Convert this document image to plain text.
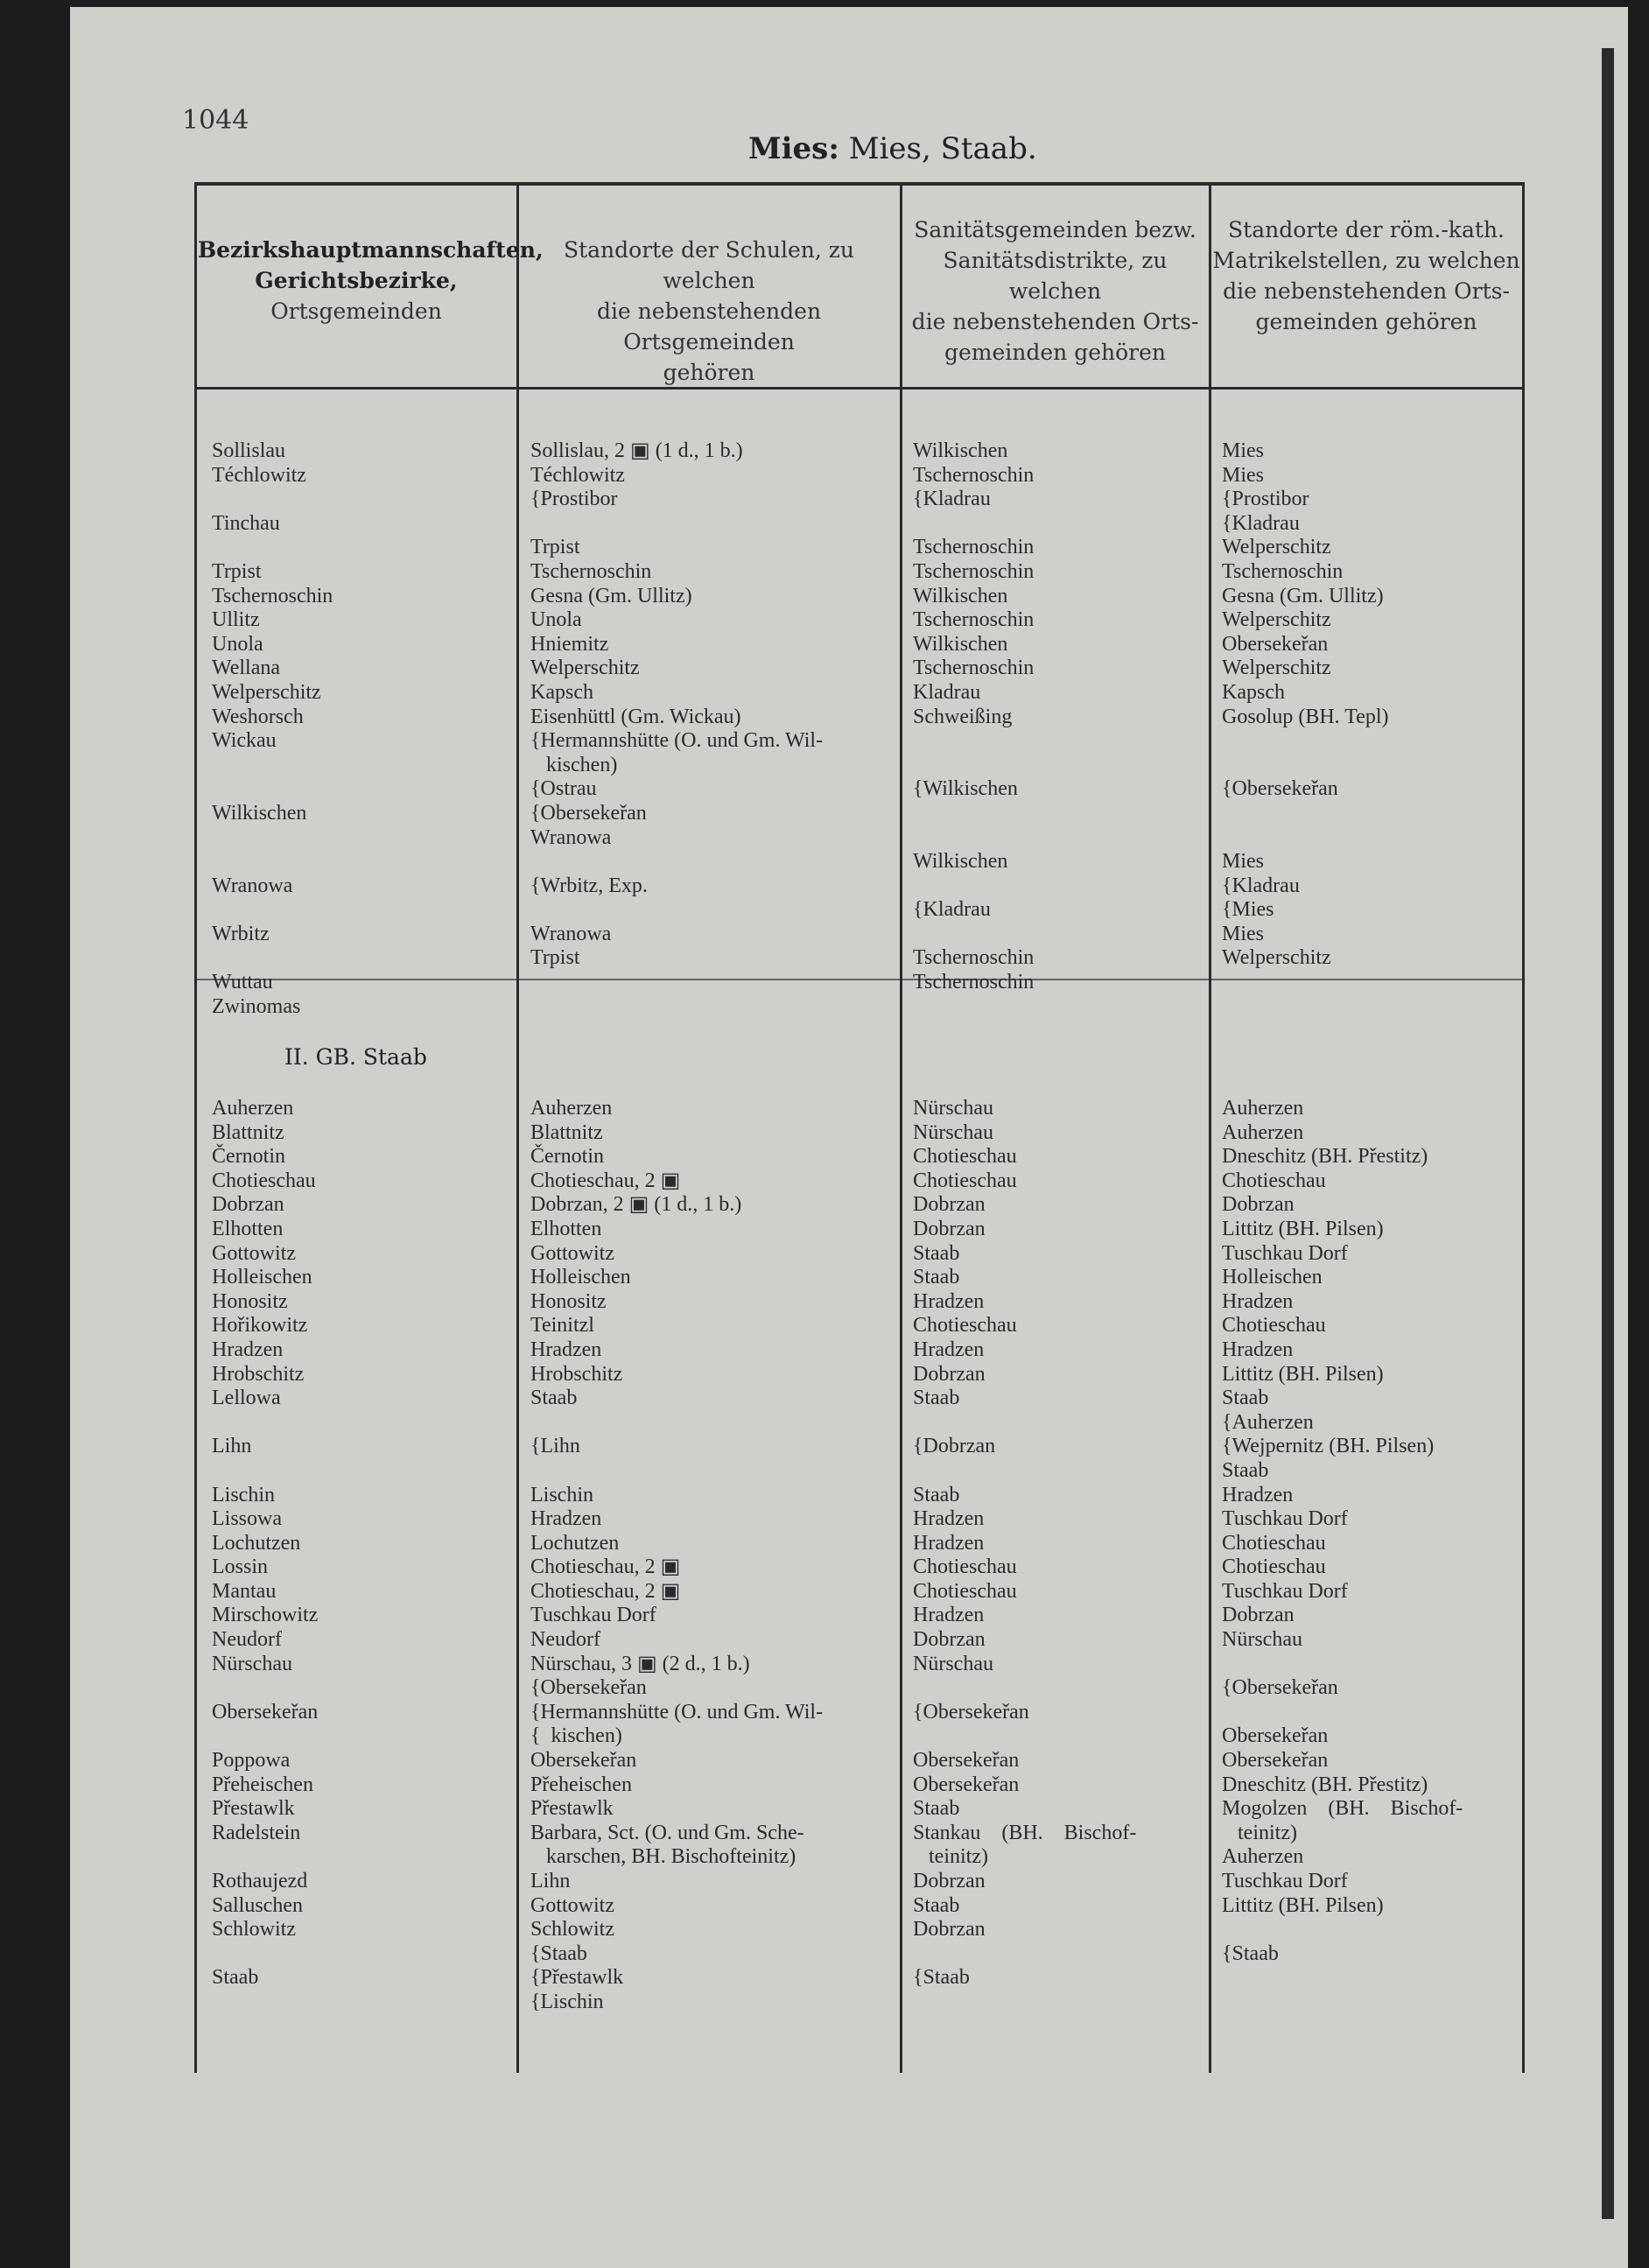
1044
Mies: Mies, Staab.
Bezirkshauptmannschaften,
Gerichtsbezirke,
Ortsgemeinden
Standorte der Schulen, zu welchen
die nebenstehenden Ortsgemeinden
gehören
Sanitätsgemeinden bezw.
Sanitätsdistrikte, zu welchen
die nebenstehenden Orts-
gemeinden gehören
Standorte der röm.-kath.
Matrikelstellen, zu welchen
die nebenstehenden Orts-
gemeinden gehören
Sollislau
Téchlowitz
Tinchau
Trpist
Tschernoschin
Ullitz
Unola
Wellana
Welperschitz
Weshorsch
Wickau
Wilkischen
Wranowa
Wrbitz
Wuttau
Zwinomas
Sollislau, 2 ▣ (1 d., 1 b.)
Téchlowitz
{Prostibor
Trpist
Tschernoschin
Gesna (Gm. Ullitz)
Unola
Hniemitz
Welperschitz
Kapsch
Eisenhüttl (Gm. Wickau)
{Hermannshütte (O. und Gm. Wil-
kischen)
{Ostrau
{Obersekeřan
Wranowa
{Wrbitz, Exp.
Wranowa
Trpist
Wilkischen
Tschernoschin
{Kladrau
Tschernoschin
Tschernoschin
Wilkischen
Tschernoschin
Wilkischen
Tschernoschin
Kladrau
Schweißing
{Wilkischen
Wilkischen
{Kladrau
Tschernoschin
Tschernoschin
Mies
Mies
{Prostibor
{Kladrau
Welperschitz
Tschernoschin
Gesna (Gm. Ullitz)
Welperschitz
Obersekeřan
Welperschitz
Kapsch
Gosolup (BH. Tepl)
{Obersekeřan
Mies
{Kladrau
{Mies
Mies
Welperschitz
II. GB. Staab
Auherzen
Blattnitz
Černotin
Chotieschau
Dobrzan
Elhotten
Gottowitz
Holleischen
Honositz
Hořikowitz
Hradzen
Hrobschitz
Lellowa
Lihn
Lischin
Lissowa
Lochutzen
Lossin
Mantau
Mirschowitz
Neudorf
Nürschau
Obersekeřan
Poppowa
Přeheischen
Přestawlk
Radelstein
Rothaujezd
Salluschen
Schlowitz
Staab
Auherzen
Blattnitz
Černotin
Chotieschau, 2 ▣
Dobrzan, 2 ▣ (1 d., 1 b.)
Elhotten
Gottowitz
Holleischen
Honositz
Teinitzl
Hradzen
Hrobschitz
Staab
{Lihn
Lischin
Hradzen
Lochutzen
Chotieschau, 2 ▣
Chotieschau, 2 ▣
Tuschkau Dorf
Neudorf
Nürschau, 3 ▣ (2 d., 1 b.)
{Obersekeřan
{Hermannshütte (O. und Gm. Wil-
{  kischen)
Obersekeřan
Přeheischen
Přestawlk
Barbara, Sct. (O. und Gm. Sche-
karschen, BH. Bischofteinitz)
Lihn
Gottowitz
Schlowitz
{Staab
{Přestawlk
{Lischin
Nürschau
Nürschau
Chotieschau
Chotieschau
Dobrzan
Dobrzan
Staab
Staab
Hradzen
Chotieschau
Hradzen
Dobrzan
Staab
{Dobrzan
Staab
Hradzen
Hradzen
Chotieschau
Chotieschau
Hradzen
Dobrzan
Nürschau
{Obersekeřan
Obersekeřan
Obersekeřan
Staab
Stankau    (BH.    Bischof-
teinitz)
Dobrzan
Staab
Dobrzan
{Staab
Auherzen
Auherzen
Dneschitz (BH. Přestitz)
Chotieschau
Dobrzan
Littitz (BH. Pilsen)
Tuschkau Dorf
Holleischen
Hradzen
Chotieschau
Hradzen
Littitz (BH. Pilsen)
Staab
{Auherzen
{Wejpernitz (BH. Pilsen)
Staab
Hradzen
Tuschkau Dorf
Chotieschau
Chotieschau
Tuschkau Dorf
Dobrzan
Nürschau
{Obersekeřan
Obersekeřan
Obersekeřan
Dneschitz (BH. Přestitz)
Mogolzen    (BH.    Bischof-
teinitz)
Auherzen
Tuschkau Dorf
Littitz (BH. Pilsen)
{Staab
